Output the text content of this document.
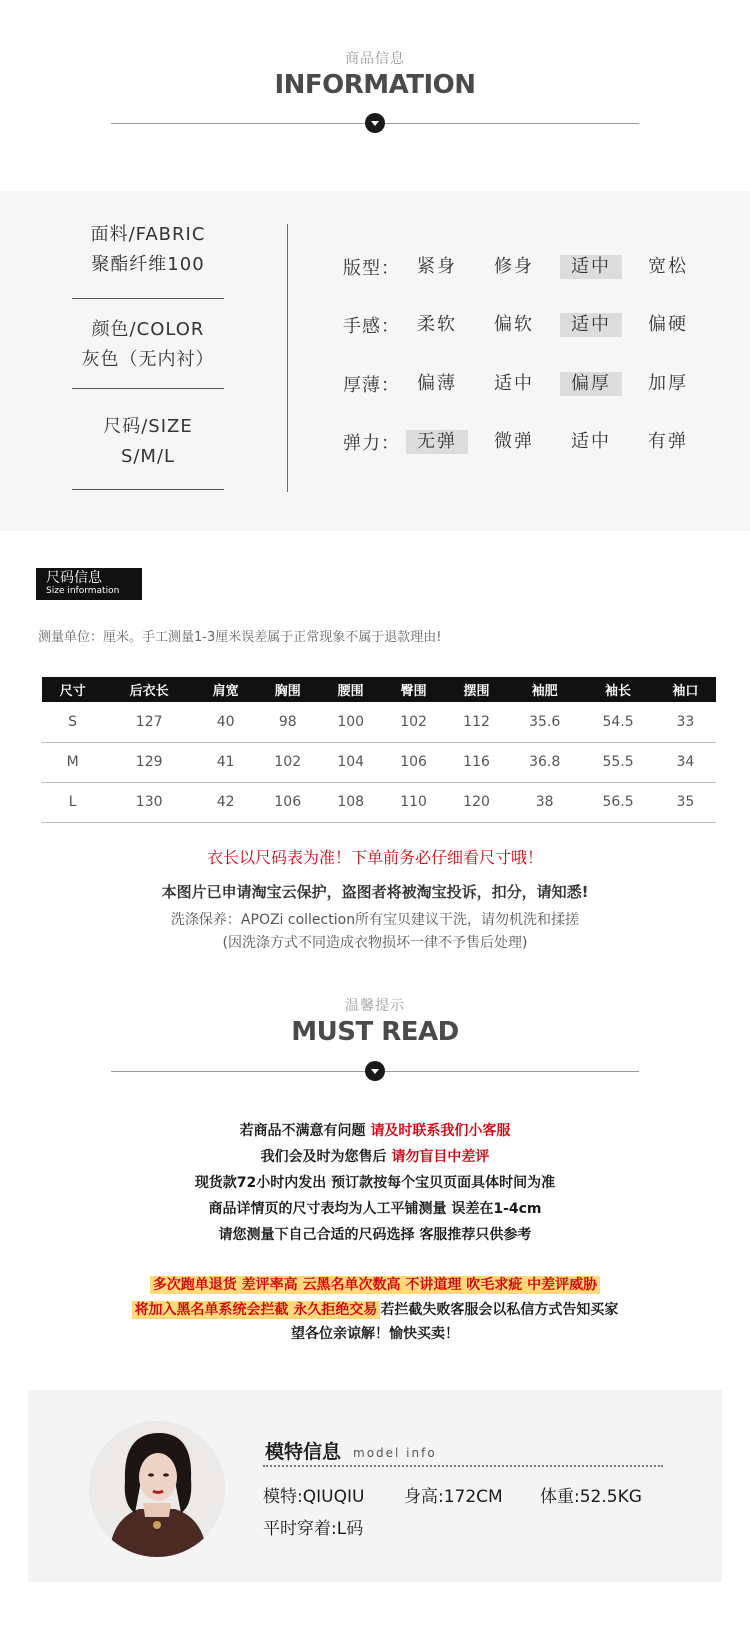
商品信息
INFORMATION
面料/FABRIC
聚酯纤维100
颜色/COLOR
灰色（无内衬）
尺码/SIZE
S/M/L
版型： 紧身	修身	适中	宽松
手感： 柔软	偏软	适中	偏硬
厚薄： 偏薄	适中	偏厚	加厚
弹力： 无弹	微弹	适中	有弹
尺码信息
Size information
测量单位：厘米。手工测量1-3厘米误差属于正常现象不属于退款理由!
尺寸	后衣长	肩宽	胸围	腰围	臀围	摆围	袖肥	袖长	袖口
S	127	40	98	100	102	112	35.6	54.5	33
M	129	41	102	104	106	116	36.8	55.5	34
L	130	42	106	108	110	120	38	56.5	35
衣长以尺码表为准！下单前务必仔细看尺寸哦！
本图片已申请淘宝云保护，盗图者将被淘宝投诉，扣分，请知悉!
洗涤保养：APOZi collection所有宝贝建议干洗，请勿机洗和揉搓
(因洗涤方式不同造成衣物损坏一律不予售后处理)
温馨提示
MUST READ
若商品不满意有问题 请及时联系我们小客服
我们会及时为您售后 请勿盲目中差评
现货款72小时内发出 预订款按每个宝贝页面具体时间为准
商品详情页的尺寸表均为人工平铺测量 误差在1-4cm
请您测量下自己合适的尺码选择 客服推荐只供参考
多次跑单退货 差评率高 云黑名单次数高 不讲道理 吹毛求疵 中差评威胁
将加入黑名单系统会拦截 永久拒绝交易 若拦截失败客服会以私信方式告知买家
望各位亲谅解！愉快买卖！
模特信息 model info
模特:QIUQIU 身高:172CM 体重:52.5KG
平时穿着:L码
